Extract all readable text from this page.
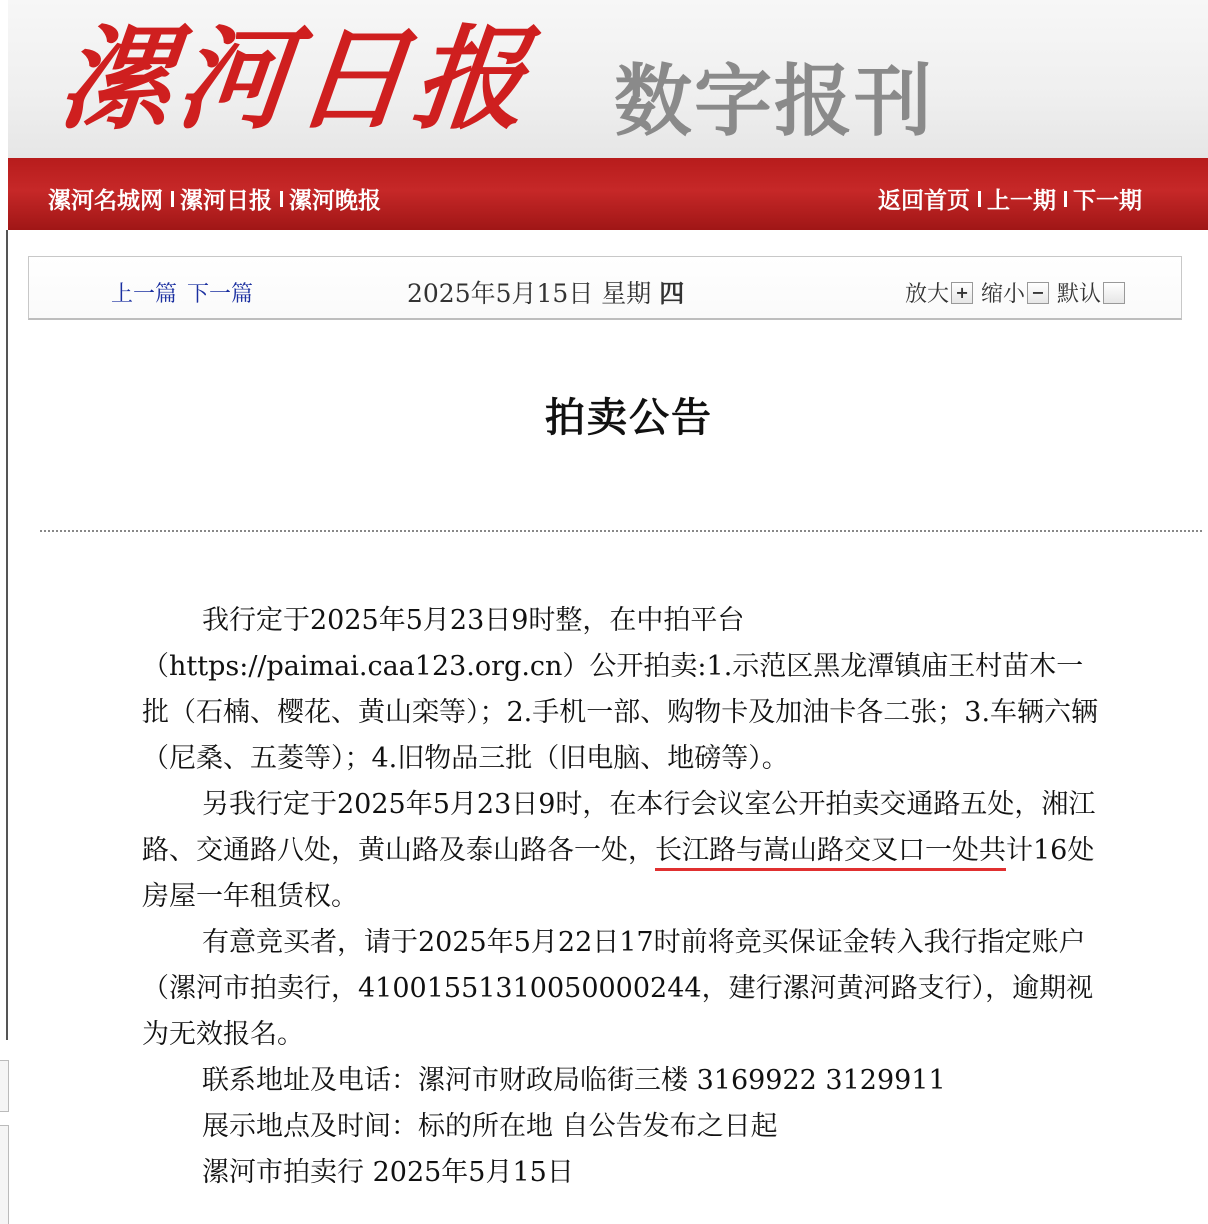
漯河日报 数字报刊
漯河名城网 漯河日报 漯河晚报	返回首页 上一期 下一期
上一篇 下一篇	2025年5月15日 星期 四	放大 + 缩小 − 默认
拍卖公告

我行定于2025年5月23日9时整，在中拍平台（https://paimai.caa123.org.cn）公开拍卖:1.示范区黑龙潭镇庙王村苗木一批（石楠、樱花、黄山栾等）；2.手机一部、购物卡及加油卡各二张；3.车辆六辆（尼桑、五菱等）；4.旧物品三批（旧电脑、地磅等）。

另我行定于2025年5月23日9时，在本行会议室公开拍卖交通路五处，湘江路、交通路八处，黄山路及泰山路各一处，长江路与嵩山路交叉口一处共计16处房屋一年租赁权。

有意竞买者，请于2025年5月22日17时前将竞买保证金转入我行指定账户（漯河市拍卖行，41001551310050000244，建行漯河黄河路支行），逾期视为无效报名。

联系地址及电话：漯河市财政局临街三楼 3169922 3129911

展示地点及时间：标的所在地 自公告发布之日起

漯河市拍卖行 2025年5月15日
